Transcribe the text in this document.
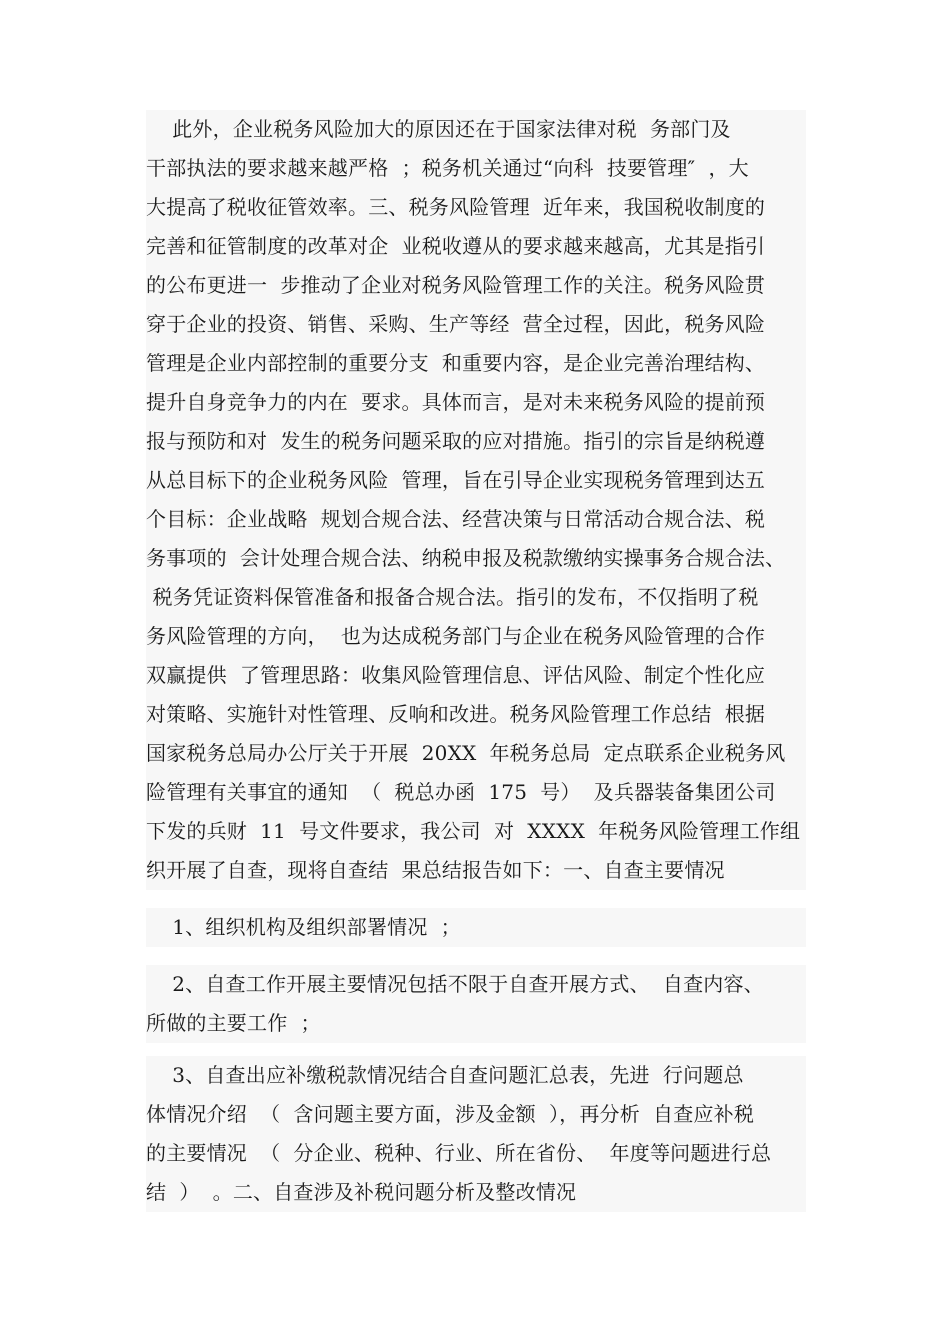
此外，企业税务风险加大的原因还在于国家法律对税  务部门及
干部执法的要求越来越严格  ；税务机关通过“向科  技要管理″  ，大
大提高了税收征管效率。三、税务风险管理  近年来，我国税收制度的
完善和征管制度的改革对企  业税收遵从的要求越来越高，尤其是指引
的公布更进一  步推动了企业对税务风险管理工作的关注。税务风险贯
穿于企业的投资、销售、采购、生产等经  营全过程，因此，税务风险
管理是企业内部控制的重要分支  和重要内容，是企业完善治理结构、
提升自身竞争力的内在  要求。具体而言，是对未来税务风险的提前预
报与预防和对  发生的税务问题采取的应对措施。指引的宗旨是纳税遵
从总目标下的企业税务风险  管理，旨在引导企业实现税务管理到达五
个目标：企业战略  规划合规合法、经营决策与日常活动合规合法、税
务事项的  会计处理合规合法、纳税申报及税款缴纳实操事务合规合法、
税务凭证资料保管准备和报备合规合法。指引的发布，不仅指明了税
务风险管理的方向，  也为达成税务部门与企业在税务风险管理的合作
双赢提供  了管理思路：收集风险管理信息、评估风险、制定个性化应
对策略、实施针对性管理、反响和改进。税务风险管理工作总结  根据
国家税务总局办公厅关于开展  20XX  年税务总局  定点联系企业税务风
险管理有关事宜的通知  （  税总办函  175  号）  及兵器装备集团公司
下发的兵财  11  号文件要求，我公司  对  XXXX  年税务风险管理工作组
织开展了自查，现将自查结  果总结报告如下：一、自查主要情况
1、组织机构及组织部署情况  ；
2、自查工作开展主要情况包括不限于自查开展方式、  自查内容、
所做的主要工作  ；
3、自查出应补缴税款情况结合自查问题汇总表，先进  行问题总
体情况介绍  （  含问题主要方面，涉及金额  ），再分析  自查应补税
的主要情况  （  分企业、税种、行业、所在省份、  年度等问题进行总
结  ）  。二、自查涉及补税问题分析及整改情况
